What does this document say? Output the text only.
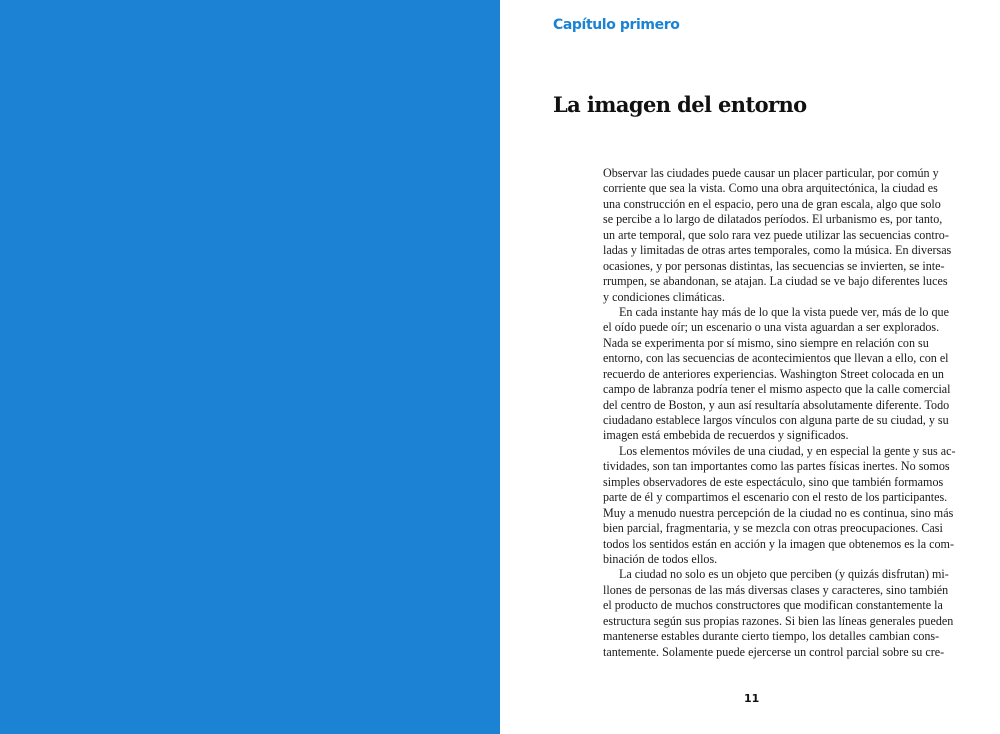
Capítulo primero
La imagen del entorno
Observar las ciudades puede causar un placer particular, por común y
corriente que sea la vista. Como una obra arquitectónica, la ciudad es
una construcción en el espacio, pero una de gran escala, algo que solo
se percibe a lo largo de dilatados períodos. El urbanismo es, por tanto,
un arte temporal, que solo rara vez puede utilizar las secuencias contro-
ladas y limitadas de otras artes temporales, como la música. En diversas
ocasiones, y por personas distintas, las secuencias se invierten, se inte-
rrumpen, se abandonan, se atajan. La ciudad se ve bajo diferentes luces
y condiciones climáticas.
En cada instante hay más de lo que la vista puede ver, más de lo que
el oído puede oír; un escenario o una vista aguardan a ser explorados.
Nada se experimenta por sí mismo, sino siempre en relación con su
entorno, con las secuencias de acontecimientos que llevan a ello, con el
recuerdo de anteriores experiencias. Washington Street colocada en un
campo de labranza podría tener el mismo aspecto que la calle comercial
del centro de Boston, y aun así resultaría absolutamente diferente. Todo
ciudadano establece largos vínculos con alguna parte de su ciudad, y su
imagen está embebida de recuerdos y significados.
Los elementos móviles de una ciudad, y en especial la gente y sus ac-
tividades, son tan importantes como las partes físicas inertes. No somos
simples observadores de este espectáculo, sino que también formamos
parte de él y compartimos el escenario con el resto de los participantes.
Muy a menudo nuestra percepción de la ciudad no es continua, sino más
bien parcial, fragmentaria, y se mezcla con otras preocupaciones. Casi
todos los sentidos están en acción y la imagen que obtenemos es la com-
binación de todos ellos.
La ciudad no solo es un objeto que perciben (y quizás disfrutan) mi-
llones de personas de las más diversas clases y caracteres, sino también
el producto de muchos constructores que modifican constantemente la
estructura según sus propias razones. Si bien las líneas generales pueden
mantenerse estables durante cierto tiempo, los detalles cambian cons-
tantemente. Solamente puede ejercerse un control parcial sobre su cre-
11
